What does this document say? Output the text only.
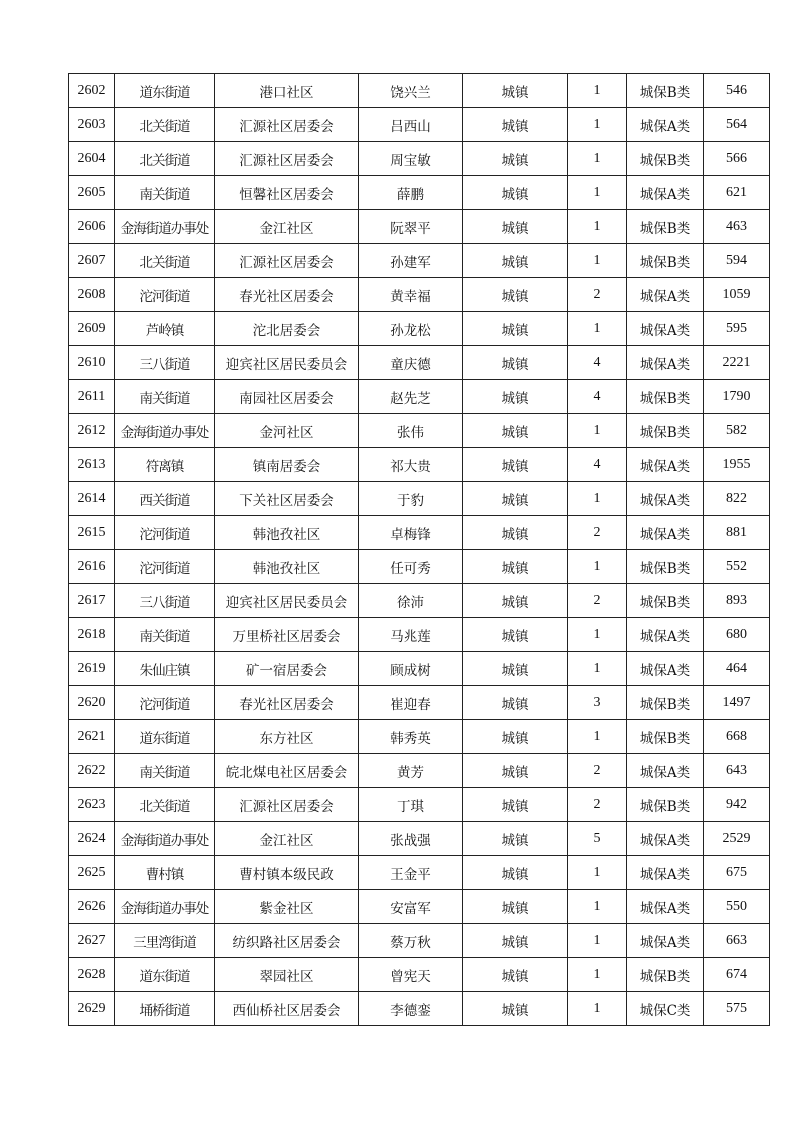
2602	道东街道	港口社区	饶兴兰	城镇	1	城保B类	546
2603	北关街道	汇源社区居委会	吕西山	城镇	1	城保A类	564
2604	北关街道	汇源社区居委会	周宝敏	城镇	1	城保B类	566
2605	南关街道	恒馨社区居委会	薛鹏	城镇	1	城保A类	621
2606	金海街道办事处	金江社区	阮翠平	城镇	1	城保B类	463
2607	北关街道	汇源社区居委会	孙建军	城镇	1	城保B类	594
2608	沱河街道	春光社区居委会	黄幸福	城镇	2	城保A类	1059
2609	芦岭镇	沱北居委会	孙龙松	城镇	1	城保A类	595
2610	三八街道	迎宾社区居民委员会	童庆德	城镇	4	城保A类	2221
2611	南关街道	南园社区居委会	赵先芝	城镇	4	城保B类	1790
2612	金海街道办事处	金河社区	张伟	城镇	1	城保B类	582
2613	符离镇	镇南居委会	祁大贵	城镇	4	城保A类	1955
2614	西关街道	下关社区居委会	于豹	城镇	1	城保A类	822
2615	沱河街道	韩池孜社区	卓梅锋	城镇	2	城保A类	881
2616	沱河街道	韩池孜社区	任可秀	城镇	1	城保B类	552
2617	三八街道	迎宾社区居民委员会	徐沛	城镇	2	城保B类	893
2618	南关街道	万里桥社区居委会	马兆莲	城镇	1	城保A类	680
2619	朱仙庄镇	矿一宿居委会	顾成树	城镇	1	城保A类	464
2620	沱河街道	春光社区居委会	崔迎春	城镇	3	城保B类	1497
2621	道东街道	东方社区	韩秀英	城镇	1	城保B类	668
2622	南关街道	皖北煤电社区居委会	黄芳	城镇	2	城保A类	643
2623	北关街道	汇源社区居委会	丁琪	城镇	2	城保B类	942
2624	金海街道办事处	金江社区	张战强	城镇	5	城保A类	2529
2625	曹村镇	曹村镇本级民政	王金平	城镇	1	城保A类	675
2626	金海街道办事处	紫金社区	安富军	城镇	1	城保A类	550
2627	三里湾街道	纺织路社区居委会	蔡万秋	城镇	1	城保A类	663
2628	道东街道	翠园社区	曾宪天	城镇	1	城保B类	674
2629	埇桥街道	西仙桥社区居委会	李德銮	城镇	1	城保C类	575
